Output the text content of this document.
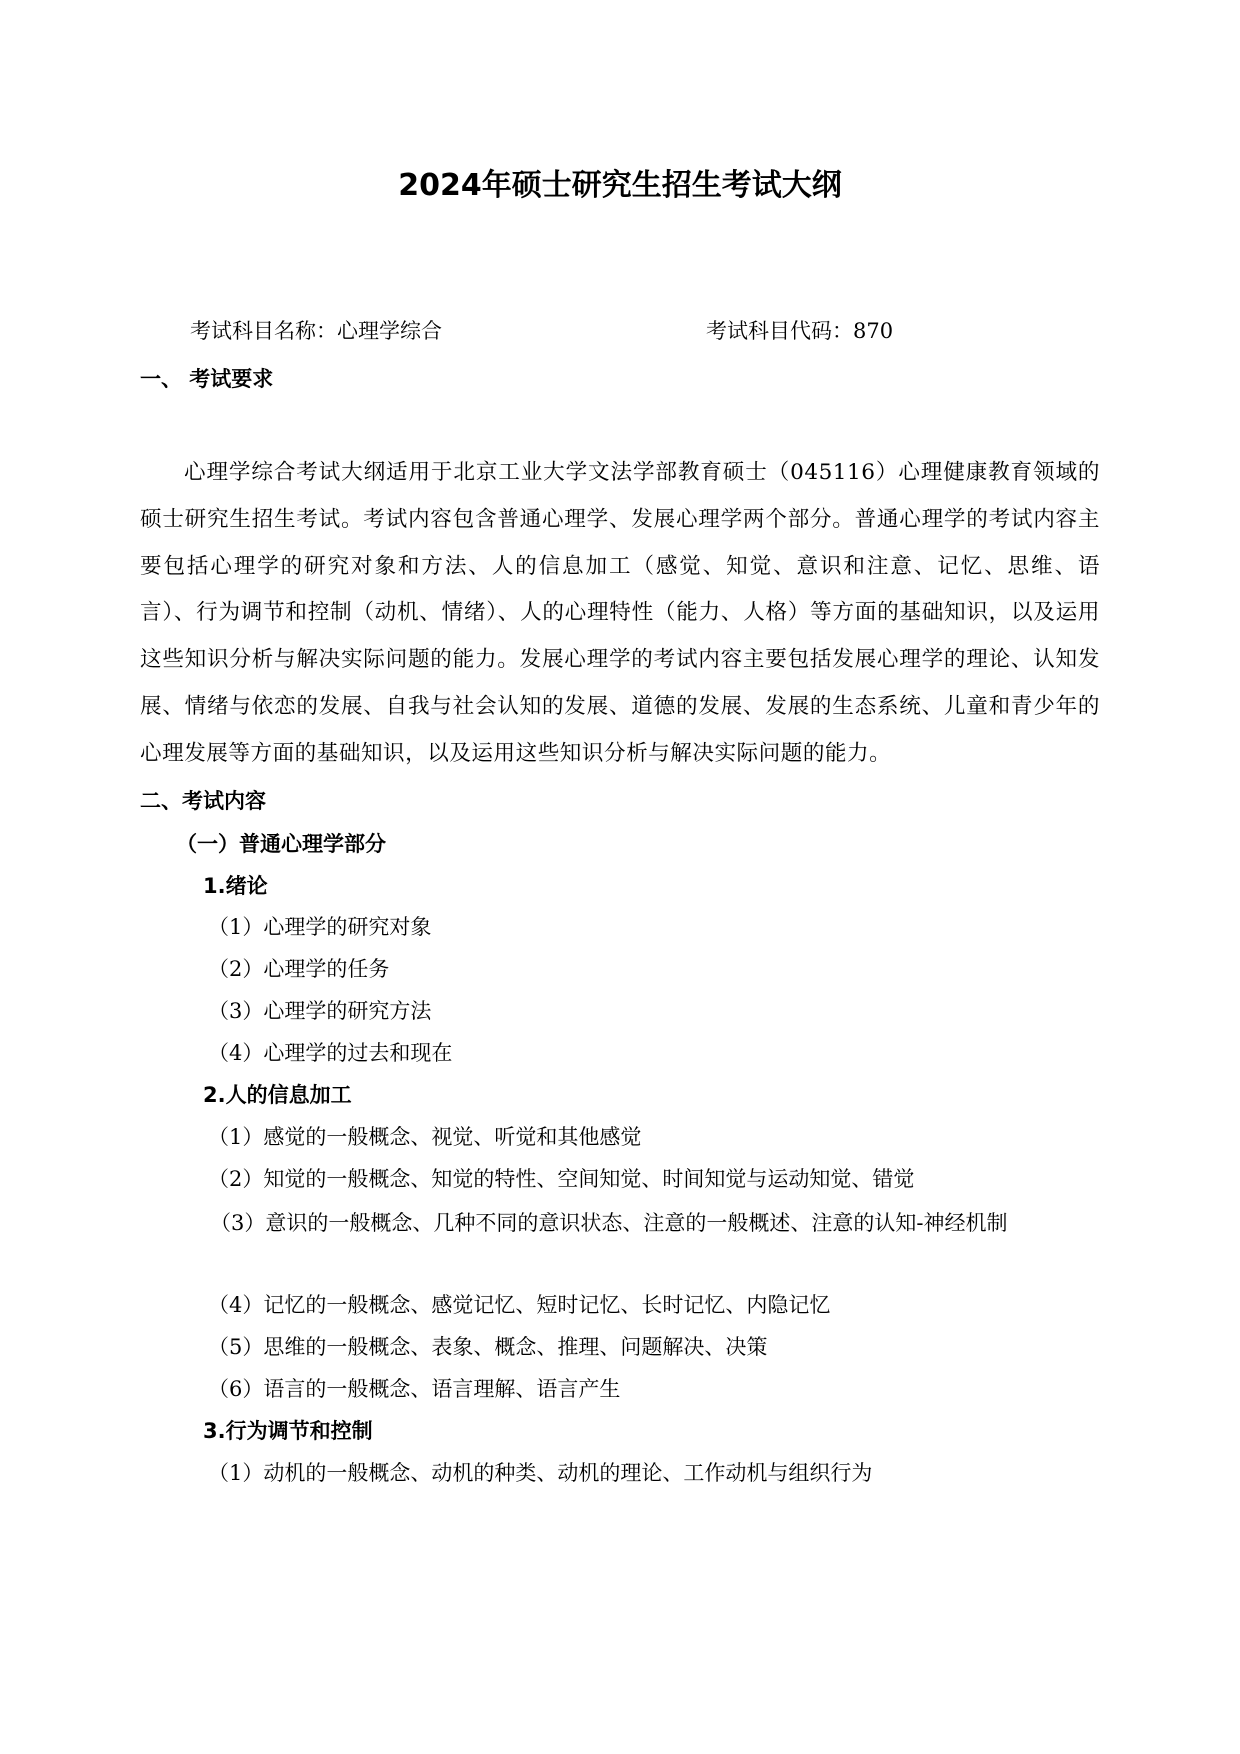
2024年硕士研究生招生考试大纲
考试科目名称：心理学综合	考试科目代码：870
一、 考试要求
心理学综合考试大纲适用于北京工业大学文法学部教育硕士（045116）心理健康教育领域的硕士研究生招生考试。考试内容包含普通心理学、发展心理学两个部分。普通心理学的考试内容主要包括心理学的研究对象和方法、人的信息加工（感觉、知觉、意识和注意、记忆、思维、语言）、行为调节和控制（动机、情绪）、人的心理特性（能力、人格）等方面的基础知识，以及运用这些知识分析与解决实际问题的能力。发展心理学的考试内容主要包括发展心理学的理论、认知发展、情绪与依恋的发展、自我与社会认知的发展、道德的发展、发展的生态系统、儿童和青少年的心理发展等方面的基础知识，以及运用这些知识分析与解决实际问题的能力。
二、考试内容
（一）普通心理学部分
1.绪论
（1）心理学的研究对象
（2）心理学的任务
（3）心理学的研究方法
（4）心理学的过去和现在
2.人的信息加工
（1）感觉的一般概念、视觉、听觉和其他感觉
（2）知觉的一般概念、知觉的特性、空间知觉、时间知觉与运动知觉、错觉
（3）意识的一般概念、几种不同的意识状态、注意的一般概述、注意的认知-神经机制
（4）记忆的一般概念、感觉记忆、短时记忆、长时记忆、内隐记忆
（5）思维的一般概念、表象、概念、推理、问题解决、决策
（6）语言的一般概念、语言理解、语言产生
3.行为调节和控制
（1）动机的一般概念、动机的种类、动机的理论、工作动机与组织行为
